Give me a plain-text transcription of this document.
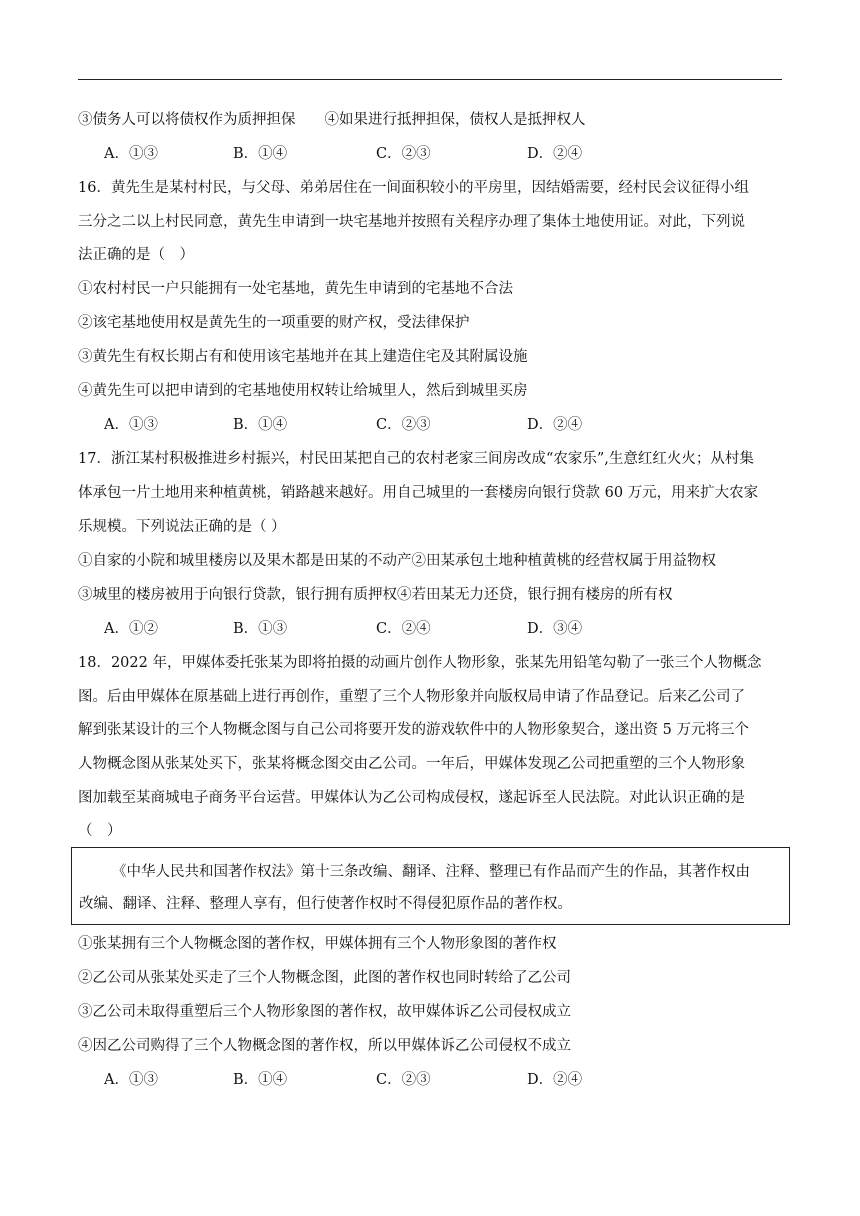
③债务人可以将债权作为质押担保　　④如果进行抵押担保，债权人是抵押权人
A．①③	B．①④	C．②③	D．②④
16．黄先生是某村村民，与父母、弟弟居住在一间面积较小的平房里，因结婚需要，经村民会议征得小组
三分之二以上村民同意，黄先生申请到一块宅基地并按照有关程序办理了集体土地使用证。对此，下列说
法正确的是（　）
①农村村民一户只能拥有一处宅基地，黄先生申请到的宅基地不合法
②该宅基地使用权是黄先生的一项重要的财产权，受法律保护
③黄先生有权长期占有和使用该宅基地并在其上建造住宅及其附属设施
④黄先生可以把申请到的宅基地使用权转让给城里人，然后到城里买房
A．①③	B．①④	C．②③	D．②④
17．浙江某村积极推进乡村振兴，村民田某把自己的农村老家三间房改成“农家乐”,生意红红火火；从村集
体承包一片土地用来种植黄桃，销路越来越好。用自己城里的一套楼房向银行贷款 60 万元，用来扩大农家
乐规模。下列说法正确的是（ ）
①自家的小院和城里楼房以及果木都是田某的不动产②田某承包土地种植黄桃的经营权属于用益物权
③城里的楼房被用于向银行贷款，银行拥有质押权④若田某无力还贷，银行拥有楼房的所有权
A．①②	B．①③	C．②④	D．③④
18．2022 年，甲媒体委托张某为即将拍摄的动画片创作人物形象，张某先用铅笔勾勒了一张三个人物概念
图。后由甲媒体在原基础上进行再创作，重塑了三个人物形象并向版权局申请了作品登记。后来乙公司了
解到张某设计的三个人物概念图与自己公司将要开发的游戏软件中的人物形象契合，遂出资 5 万元将三个
人物概念图从张某处买下，张某将概念图交由乙公司。一年后，甲媒体发现乙公司把重塑的三个人物形象
图加载至某商城电子商务平台运营。甲媒体认为乙公司构成侵权，遂起诉至人民法院。对此认识正确的是
（　）
《中华人民共和国著作权法》第十三条改编、翻译、注释、整理已有作品而产生的作品，其著作权由
改编、翻译、注释、整理人享有，但行使著作权时不得侵犯原作品的著作权。
①张某拥有三个人物概念图的著作权，甲媒体拥有三个人物形象图的著作权
②乙公司从张某处买走了三个人物概念图，此图的著作权也同时转给了乙公司
③乙公司未取得重塑后三个人物形象图的著作权，故甲媒体诉乙公司侵权成立
④因乙公司购得了三个人物概念图的著作权，所以甲媒体诉乙公司侵权不成立
A．①③	B．①④	C．②③	D．②④
